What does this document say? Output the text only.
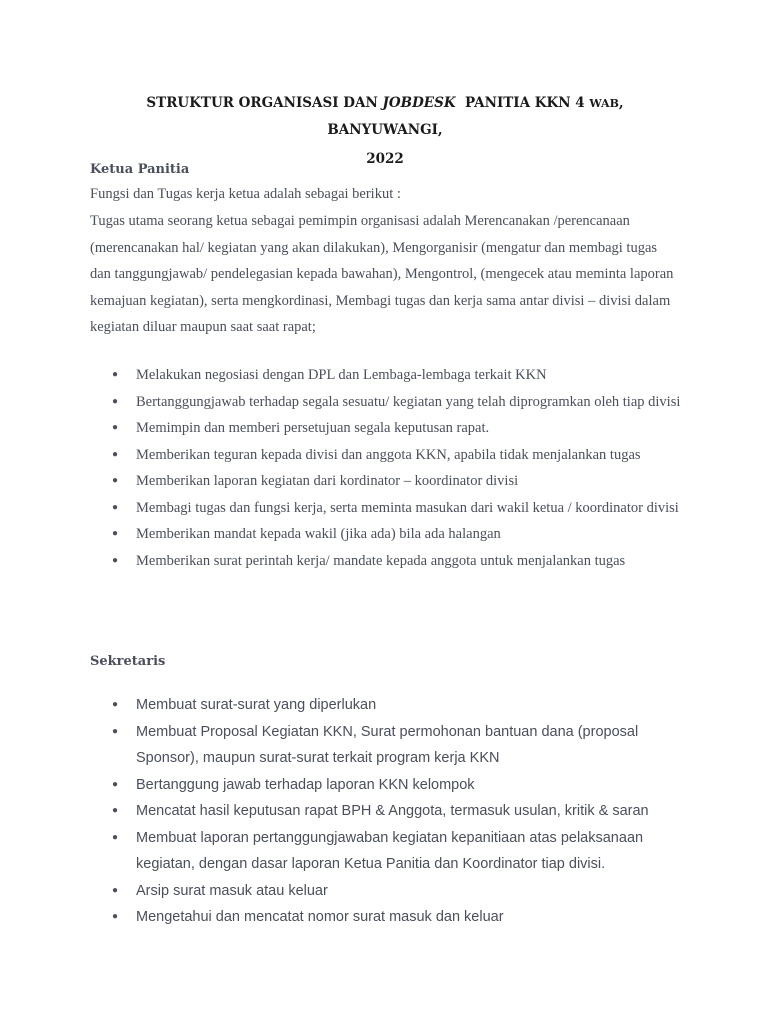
STRUKTUR ORGANISASI DAN JOBDESK  PANITIA KKN 4 WAB, BANYUWANGI,
2022
Ketua Panitia
Fungsi dan Tugas kerja ketua adalah sebagai berikut :
Tugas utama seorang ketua sebagai pemimpin organisasi adalah Merencanakan /perencanaan (merencanakan hal/ kegiatan yang akan dilakukan), Mengorganisir (mengatur dan membagi tugas dan tanggungjawab/ pendelegasian kepada bawahan), Mengontrol, (mengecek atau meminta laporan kemajuan kegiatan), serta mengkordinasi, Membagi tugas dan kerja sama antar divisi – divisi dalam kegiatan diluar maupun saat saat rapat;
● Melakukan negosiasi dengan DPL dan Lembaga-lembaga terkait KKN
● Bertanggungjawab terhadap segala sesuatu/ kegiatan yang telah diprogramkan oleh tiap divisi
● Memimpin dan memberi persetujuan segala keputusan rapat.
● Memberikan teguran kepada divisi dan anggota KKN, apabila tidak menjalankan tugas
● Memberikan laporan kegiatan dari kordinator – koordinator divisi
● Membagi tugas dan fungsi kerja, serta meminta masukan dari wakil ketua / koordinator divisi
● Memberikan mandat kepada wakil (jika ada) bila ada halangan
● Memberikan surat perintah kerja/ mandate kepada anggota untuk menjalankan tugas
Sekretaris
● Membuat surat-surat yang diperlukan
● Membuat Proposal Kegiatan KKN, Surat permohonan bantuan dana (proposal Sponsor), maupun surat-surat terkait program kerja KKN
● Bertanggung jawab terhadap laporan KKN kelompok
● Mencatat hasil keputusan rapat BPH & Anggota, termasuk usulan, kritik & saran
● Membuat laporan pertanggungjawaban kegiatan kepanitiaan atas pelaksanaan kegiatan, dengan dasar laporan Ketua Panitia dan Koordinator tiap divisi.
● Arsip surat masuk atau keluar
● Mengetahui dan mencatat nomor surat masuk dan keluar
